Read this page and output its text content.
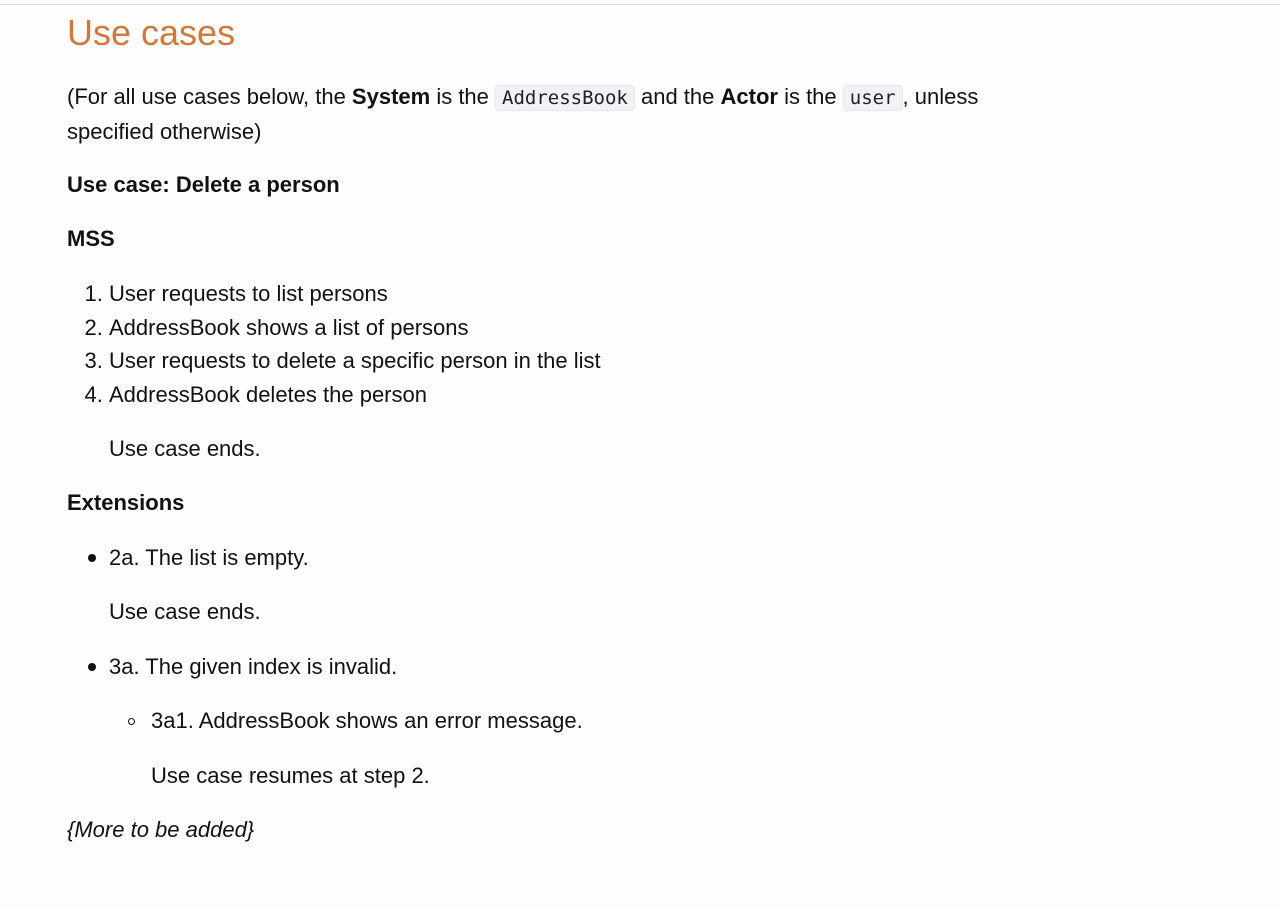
Use cases

(For all use cases below, the System is the AddressBook and the Actor is the user , unless specified otherwise)

Use case: Delete a person

MSS

1. User requests to list persons
2. AddressBook shows a list of persons
3. User requests to delete a specific person in the list
4. AddressBook deletes the person

Use case ends.

Extensions

2a. The list is empty.
Use case ends.
3a. The given index is invalid.
3a1. AddressBook shows an error message.
Use case resumes at step 2.

{More to be added}
